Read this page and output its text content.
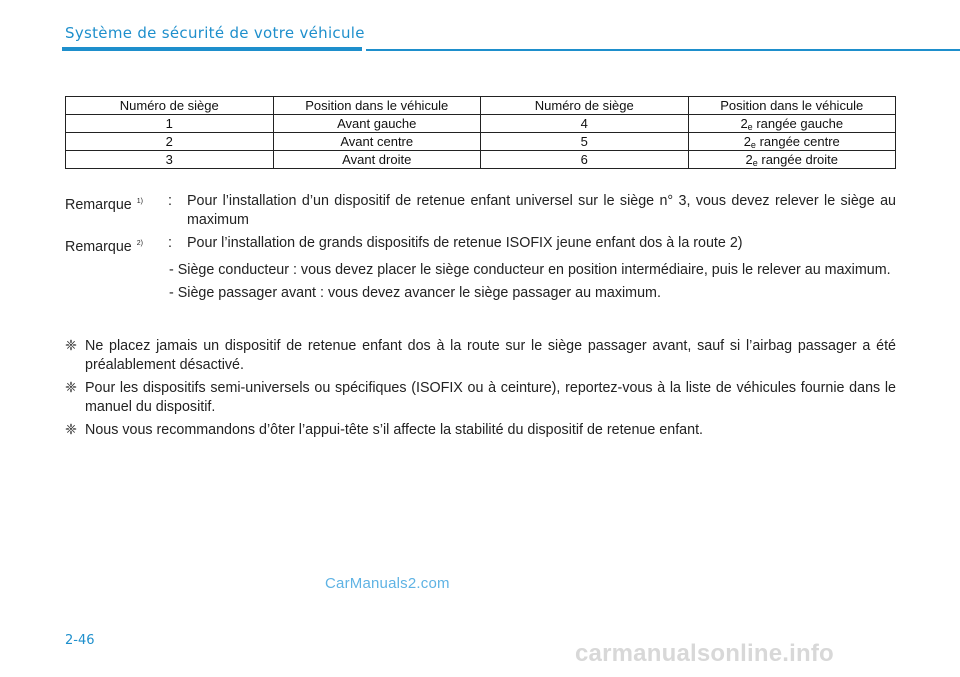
Système de sécurité de votre véhicule
Numéro de siège	Position dans le véhicule	Numéro de siège	Position dans le véhicule
1	Avant gauche	4	$2_e$ rangée gauche
2	Avant centre	5	$2_e$ rangée centre
3	Avant droite	6	$2_e$ rangée droite
Remarque $^{1)}$	:	Pour l’installation d’un dispositif de retenue enfant universel sur le siège n° 3, vous devez relever le siège au maximum
Remarque $^{2)}$	:	Pour l’installation de grands dispositifs de retenue ISOFIX jeune enfant dos à la route 2)
- Siège conducteur : vous devez placer le siège conducteur en position intermédiaire, puis le relever au maximum.
- Siège passager avant : vous devez avancer le siège passager au maximum.
❈ Ne placez jamais un dispositif de retenue enfant dos à la route sur le siège passager avant, sauf si l’airbag passager a été préalablement désactivé.
❈ Pour les dispositifs semi-universels ou spécifiques (ISOFIX ou à ceinture), reportez-vous à la liste de véhicules fournie dans le manuel du dispositif.
❈ Nous vous recommandons d’ôter l’appui-tête s’il affecte la stabilité du dispositif de retenue enfant.
CarManuals2.com
2-46	carmanualsonline.info
